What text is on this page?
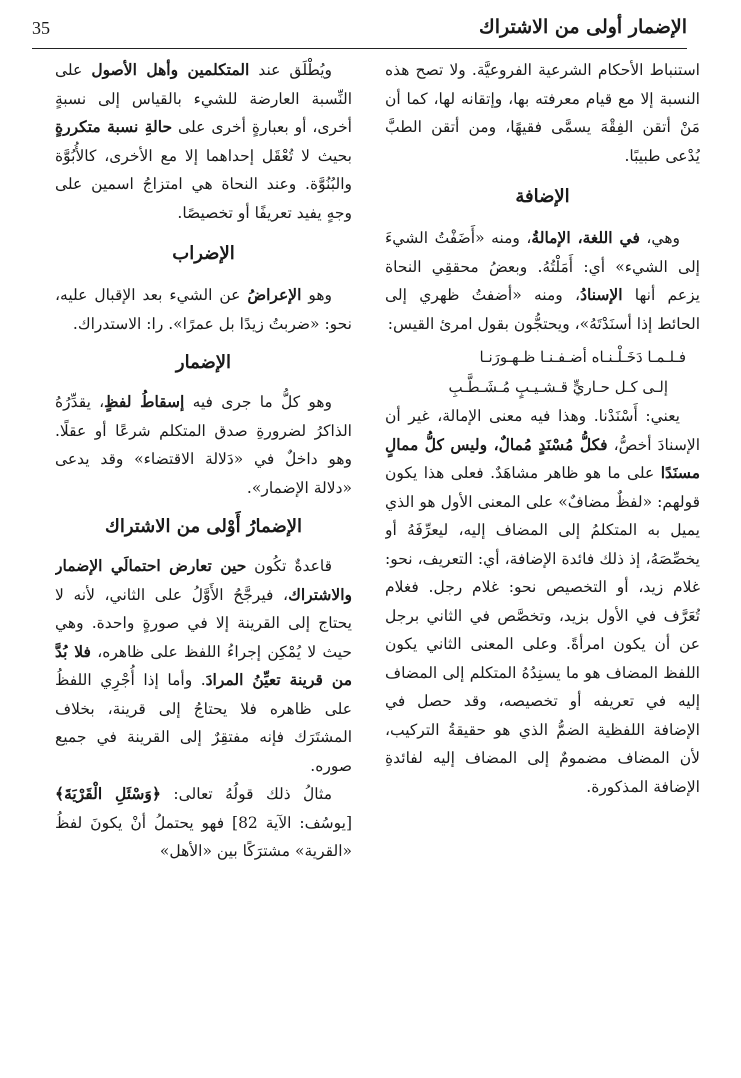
35	الإضمار أولى من الاشتراك

استنباط الأحكام الشرعية الفروعيَّة. ولا تصح هذه النسبة إلا مع قيام معرفته بها، وإتقانه لها، كما أن مَنْ أتقن الفِقْهَ يسمَّى فقيهًا، ومن أتقن الطبَّ يُدْعى طبيبًا.

الإضافة

وهي، في اللغة، الإمالةُ، ومنه «أَضَفْتُ الشيءَ إلى الشيء» أي: أَمَلْتُهُ. وبعضُ محققِي النحاة يزعم أنها الإسنادُ، ومنه «أضفتُ ظهري إلى الحائط إذا أسنَدْتَهُ»، ويحتجُّون بقول امرئ القيس:

فـلـمـا دَخَـلْـنـاه أضـفـنـا ظـهـورَنـا
إلـى كـل حـاريٍّ قـشـيـبٍ مُـشَـطَّـبِ

يعني: أَسْنَدْنا. وهذا فيه معنى الإمالة، غير أن الإسنادَ أخصُّ، فكلُّ مُسْنَدٍ مُمالٌ، وليس كلُّ ممالٍ مسنَدًا على ما هو ظاهر مشاهَدٌ. فعلى هذا يكون قولهم: «لفظٌ مضافٌ» على المعنى الأول هو الذي يميل به المتكلمُ إلى المضاف إليه، ليعرِّفَهُ أو يخصِّصَهُ، إذ ذلك فائدة الإضافة، أي: التعريف، نحو: غلام زيد، أو التخصيص نحو: غلام رجل. فغلام تُعَرَّف في الأول بزيد، وتخصَّص في الثاني برجل عن أن يكون امرأةً. وعلى المعنى الثاني يكون اللفظ المضاف هو ما يسنِدُهُ المتكلم إلى المضاف إليه في تعريفه أو تخصيصه، وقد حصل في الإضافة اللفظية الضمُّ الذي هو حقيقةُ التركيب، لأن المضاف مضمومٌ إلى المضاف إليه لفائدةِ الإضافة المذكورة.

ويُطْلَق عند المتكلمين وأهل الأصول على النِّسبة العارضة للشيء بالقياس إلى نسبةٍ أخرى، أو بعبارةٍ أخرى على حالةِ نسبة متكررةٍ بحيث لا تُعْقَل إحداهما إلا مع الأخرى، كالأُبُوَّة والبُنُوَّة. وعند النحاة هي امتزاجُ اسمين على وجهٍ يفيد تعريفًا أو تخصيصًا.

الإضراب

وهو الإعراضُ عن الشيء بعد الإقبال عليه، نحو: «ضربتُ زيدًا بل عمرًا». را: الاستدراك.

الإضمار

وهو كلُّ ما جرى فيه إسقاطُ لفظٍ، يقدِّرُهُ الذاكرُ لضرورةِ صدق المتكلم شرعًا أو عقلًا. وهو داخلٌ في «دَلالة الاقتضاء» وقد يدعى «دلالة الإضمار».

الإضمارُ أَوْلى من الاشتراك

قاعدةٌ تكُون حين تعارض احتمالَي الإضمار والاشتراك، فيرجَّحُ الأَوَّلُ على الثاني، لأنه لا يحتاج إلى القرينة إلا في صورةٍ واحدة. وهي حيث لا يُمْكِن إجراءُ اللفظ على ظاهره، فلا بُدَّ من قرينة تعيِّنُ المرادَ. وأما إذا أُجْرِي اللفظُ على ظاهره فلا يحتاجُ إلى قرينة، بخلاف المشتَرَك فإنه مفتقِرٌ إلى القرينة في جميع صوره.

مثالُ ذلك قولُهُ تعالى: ﴿وَسْئَلِ الْقَرْيَةَ﴾ [يوسُف: الآية 82] فهو يحتملُ أنْ يكونَ لفظُ «القرية» مشترَكًا بين «الأهل»
